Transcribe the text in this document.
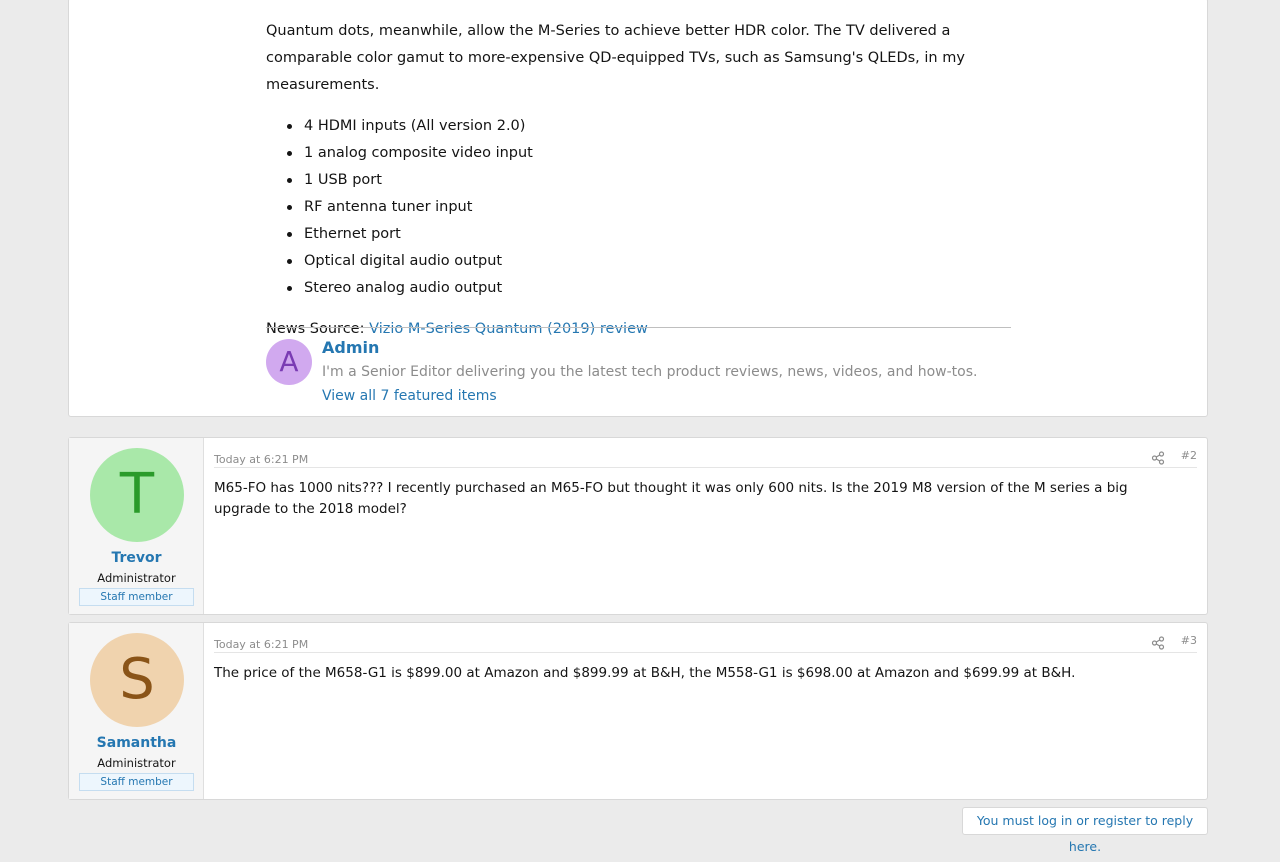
Quantum dots, meanwhile, allow the M-Series to achieve better HDR color. The TV delivered a comparable color gamut to more-expensive QD-equipped TVs, such as Samsung's QLEDs, in my measurements.

4 HDMI inputs (All version 2.0)
1 analog composite video input
1 USB port
RF antenna tuner input
Ethernet port
Optical digital audio output
Stereo analog audio output
News Source: Vizio M-Series Quantum (2019) review
A	Admin
I'm a Senior Editor delivering you the latest tech product reviews, news, videos, and how-tos.
View all 7 featured items
T
Trevor
Administrator
Staff member
Today at 6:21 PM	#2
M65-FO has 1000 nits??? I recently purchased an M65-FO but thought it was only 600 nits. Is the 2019 M8 version of the M series a big upgrade to the 2018 model?
S
Samantha
Administrator
Staff member
Today at 6:21 PM	#3
The price of the M658-G1 is $899.00 at Amazon and $899.99 at B&H, the M558-G1 is $698.00 at Amazon and $699.99 at B&H.
You must log in or register to reply here.
